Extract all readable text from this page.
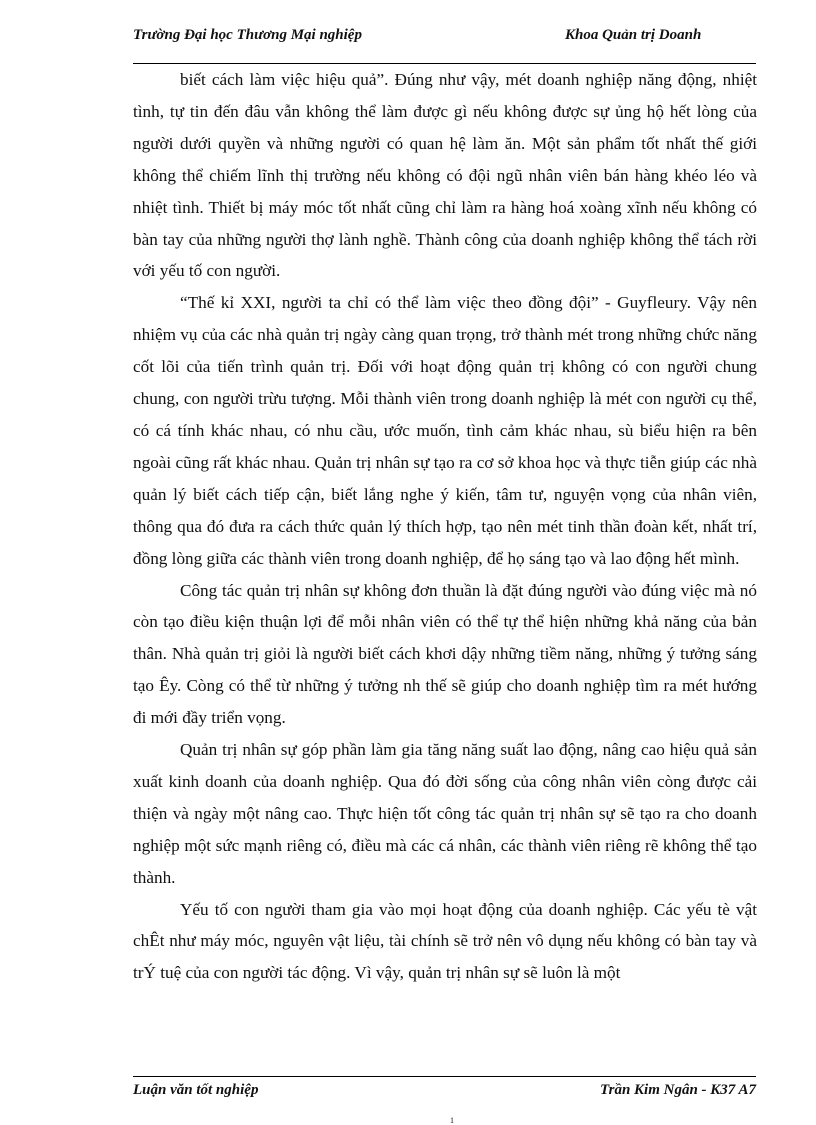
Trường Đại học Thương Mại nghiệp	Khoa Quản trị Doanh

biết cách làm việc hiệu quả”. Đúng như vậy, mét doanh nghiệp năng động, nhiệt tình, tự tin đến đâu vẫn không thể làm được gì nếu không được sự ủng hộ hết lòng của người dưới quyền và những người có quan hệ làm ăn. Một sản phẩm tốt nhất thế giới không thể chiếm lĩnh thị trường nếu không có đội ngũ nhân viên bán hàng khéo léo và nhiệt tình. Thiết bị máy móc tốt nhất cũng chỉ làm ra hàng hoá xoàng xĩnh nếu không có bàn tay của những người thợ lành nghề. Thành công của doanh nghiệp không thể tách rời với yếu tố con người.

“Thế kỉ XXI, người ta chỉ có thể làm việc theo đồng đội” - Guyfleury. Vậy nên nhiệm vụ của các nhà quản trị ngày càng quan trọng, trở thành mét trong những chức năng cốt lõi của tiến trình quản trị. Đối với hoạt động quản trị không có con người chung chung, con người trừu tượng. Mỗi thành viên trong doanh nghiệp là mét con người cụ thể, có cá tính khác nhau, có nhu cầu, ước muốn, tình cảm khác nhau, sù biểu hiện ra bên ngoài cũng rất khác nhau. Quản trị nhân sự tạo ra cơ sở khoa học và thực tiễn giúp các nhà quản lý biết cách tiếp cận, biết lắng nghe ý kiến, tâm tư, nguyện vọng của nhân viên, thông qua đó đưa ra cách thức quản lý thích hợp, tạo nên mét tinh thần đoàn kết, nhất trí, đồng lòng giữa các thành viên trong doanh nghiệp, để họ sáng tạo và lao động hết mình.

Công tác quản trị nhân sự không đơn thuần là đặt đúng người vào đúng việc mà nó còn tạo điều kiện thuận lợi để mỗi nhân viên có thể tự thể hiện những khả năng của bản thân. Nhà quản trị giỏi là người biết cách khơi dậy những tiềm năng, những ý tưởng sáng tạo Êy. Còng có thể từ những ý tưởng nh thế sẽ giúp cho doanh nghiệp tìm ra mét hướng đi mới đầy triển vọng.

Quản trị nhân sự góp phần làm gia tăng năng suất lao động, nâng cao hiệu quả sản xuất kinh doanh của doanh nghiệp. Qua đó đời sống của công nhân viên còng được cải thiện và ngày một nâng cao. Thực hiện tốt công tác quản trị nhân sự sẽ tạo ra cho doanh nghiệp một sức mạnh riêng có, điều mà các cá nhân, các thành viên riêng rẽ không thể tạo thành.

Yếu tố con người tham gia vào mọi hoạt động của doanh nghiệp. Các yếu tè vật chÊt như máy móc, nguyên vật liệu, tài chính sẽ trở nên vô dụng nếu không có bàn tay và trÝ tuệ của con người tác động. Vì vậy, quản trị nhân sự sẽ luôn là một

Luận văn tốt nghiệp	Trần Kim Ngân - K37 A7
1
